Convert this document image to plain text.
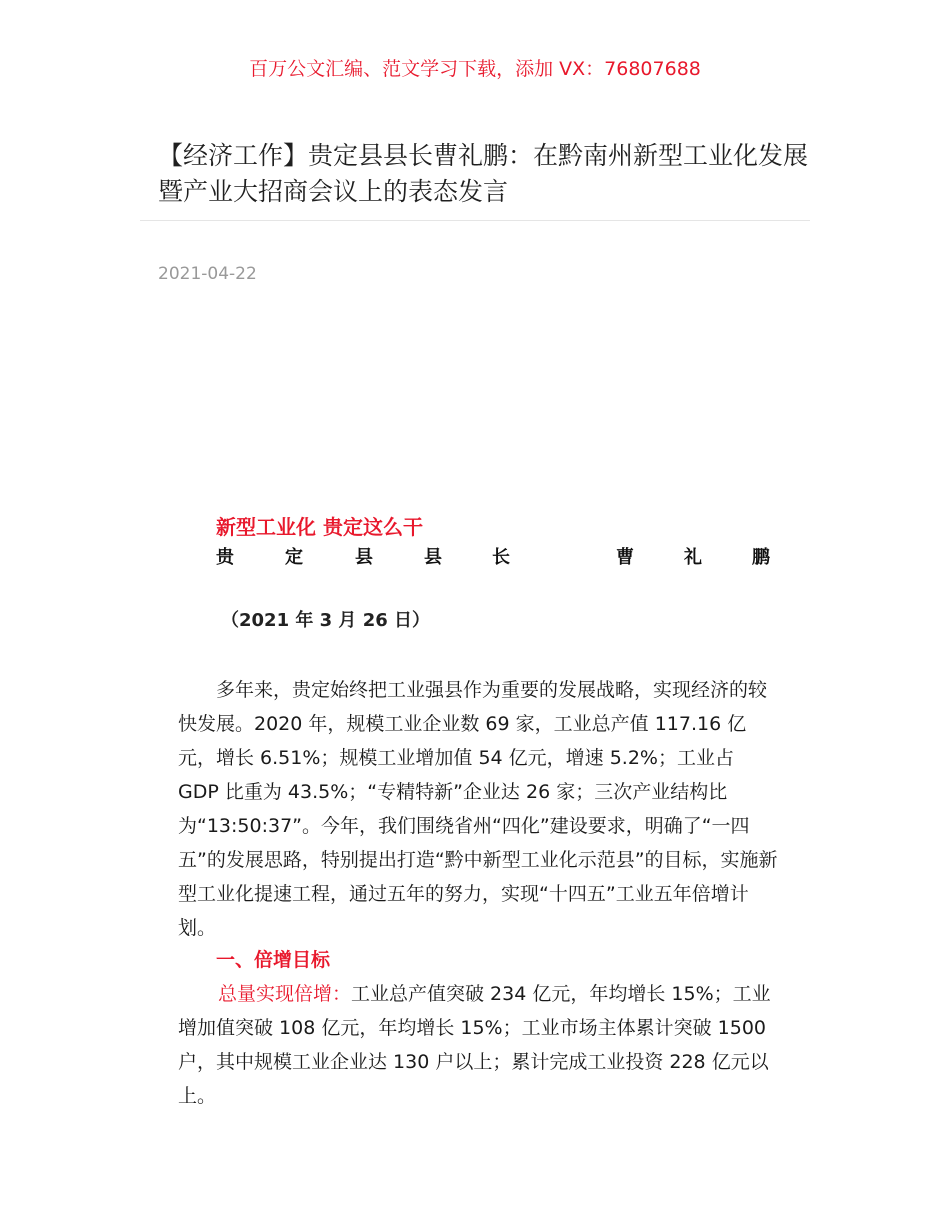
百万公文汇编、范文学习下载，添加 VX：76807688
【经济工作】贵定县县长曹礼鹏：在黔南州新型工业化发展暨产业大招商会议上的表态发言
2021-04-22
新型工业化 贵定这么干
贵	定	县	县	长	曹	礼	鹏
（2021 年 3 月 26 日）

多年来，贵定始终把工业强县作为重要的发展战略，实现经济的较快发展。2020 年，规模工业企业数 69 家，工业总产值 117.16 亿元，增长 6.51%；规模工业增加值 54 亿元，增速 5.2%；工业占 GDP 比重为 43.5%；“专精特新”企业达 26 家；三次产业结构比为“13:50:37”。今年，我们围绕省州“四化”建设要求，明确了“一四五”的发展思路，特别提出打造“黔中新型工业化示范县”的目标，实施新型工业化提速工程，通过五年的努力，实现“十四五”工业五年倍增计划。

一、倍增目标

总量实现倍增：工业总产值突破 234 亿元，年均增长 15%；工业增加值突破 108 亿元，年均增长 15%；工业市场主体累计突破 1500 户，其中规模工业企业达 130 户以上；累计完成工业投资 228 亿元以上。
